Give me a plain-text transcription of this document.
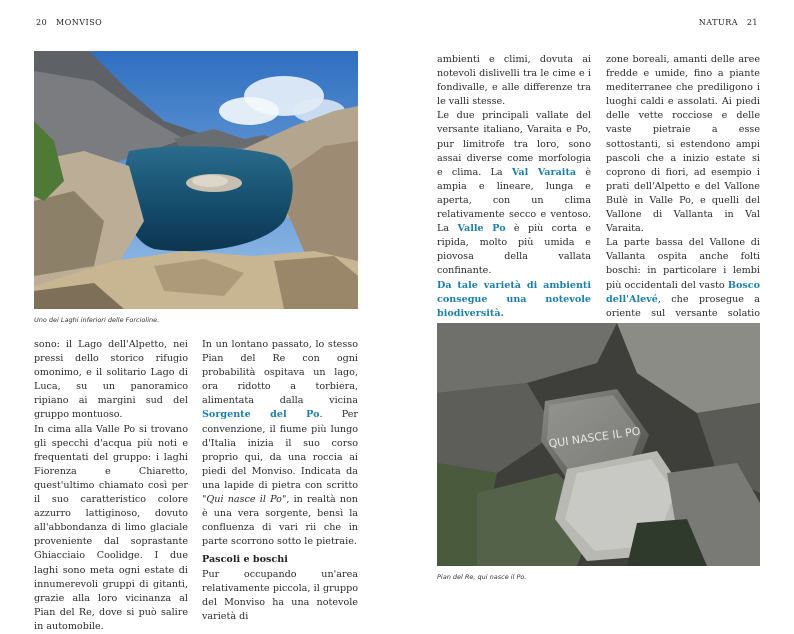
20 MONVISO	NATURA 21
Uno dei Laghi inferiori delle Forcioline.

sono: il Lago dell'Alpetto, nei pressi dello storico rifugio omonimo, e il solitario Lago di Luca, su un panoramico ripiano ai margini sud del gruppo montuoso.

In cima alla Valle Po si trovano gli specchi d'acqua più noti e frequentati del gruppo: i laghi Fiorenza e Chiaretto, quest'ultimo chiamato così per il suo caratteristico colore azzurro lattiginoso, dovuto all'abbondanza di limo glaciale proveniente dal soprastante Ghiacciaio Coolidge. I due laghi sono meta ogni estate di innumerevoli gruppi di gitanti, grazie alla loro vicinanza al Pian del Re, dove si può salire in automobile.

In un lontano passato, lo stesso Pian del Re con ogni probabilità ospitava un lago, ora ridotto a torbiera, alimentata dalla vicina Sorgente del Po. Per convenzione, il fiume più lungo d'Italia inizia il suo corso proprio qui, da una roccia ai piedi del Monviso. Indicata da una lapide di pietra con scritto "Qui nasce il Po", in realtà non è una vera sorgente, bensì la confluenza di vari rii che in parte scorrono sotto le pietraie.

Pascoli e boschi

Pur occupando un'area relativamente piccola, il gruppo del Monviso ha una notevole varietà di

ambienti e climi, dovuta ai notevoli dislivelli tra le cime e i fondivalle, e alle differenze tra le valli stesse.

Le due principali vallate del versante italiano, Varaita e Po, pur limitrofe tra loro, sono assai diverse come morfologia e clima. La Val Varaita è ampia e lineare, lunga e aperta, con un clima relativamente secco e ventoso. La Valle Po è più corta e ripida, molto più umida e piovosa della vallata confinante.

Da tale varietà di ambienti consegue una notevole biodiversità.

zone boreali, amanti delle aree fredde e umide, fino a piante mediterranee che prediligono i luoghi caldi e assolati. Ai piedi delle vette rocciose e delle vaste pietraie a esse sottostanti, si estendono ampi pascoli che a inizio estate si coprono di fiori, ad esempio i prati dell'Alpetto e del Vallone Bulè in Valle Po, e quelli del Vallone di Vallanta in Val Varaita.

La parte bassa del Vallone di Vallanta ospita anche folti boschi: in particolare i lembi più occidentali del vasto Bosco dell'Alevé, che prosegue a oriente sul versante solatio

QUI NASCE IL PO
Pian del Re, qui nasce il Po.
